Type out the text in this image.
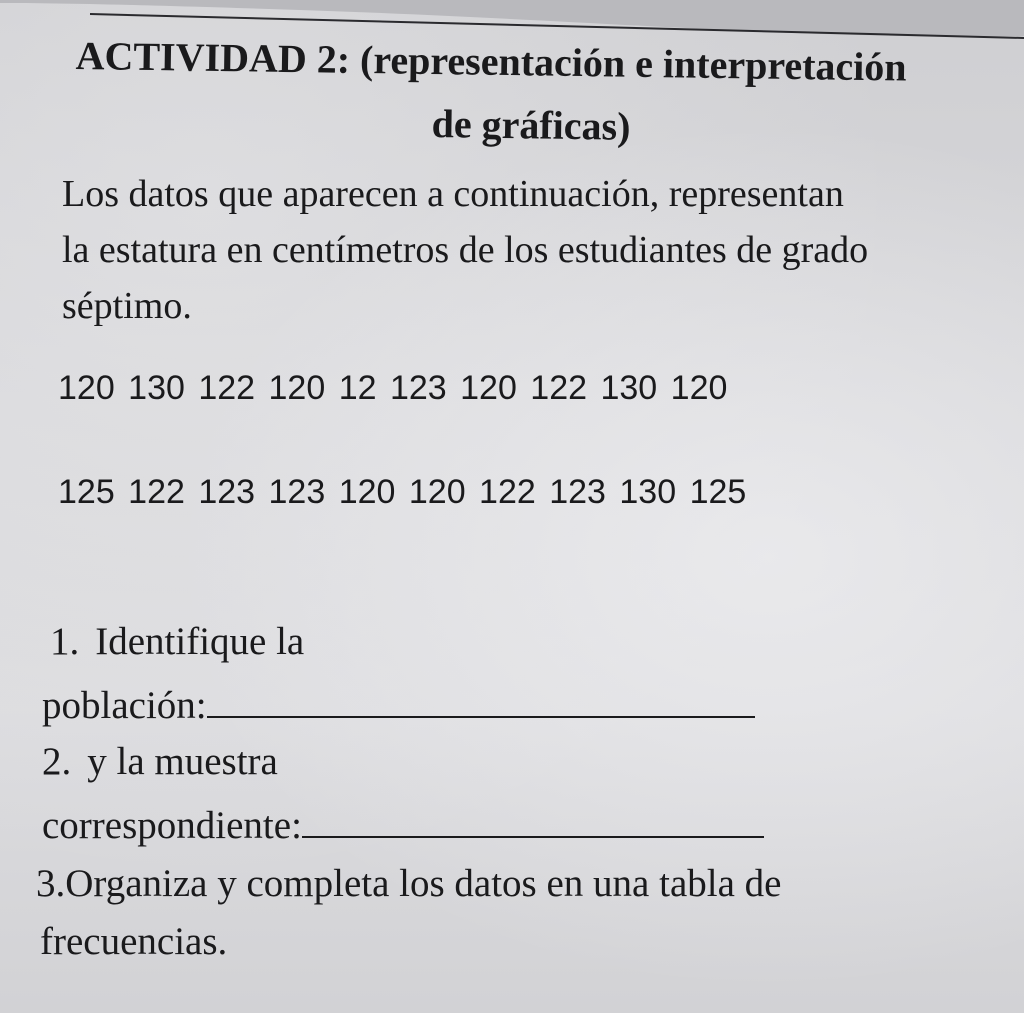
ACTIVIDAD 2: (representación e interpretación
de gráficas)
Los datos que aparecen a continuación, representan
la estatura en centímetros de los estudiantes de grado
séptimo.
120 130 122 120 12 123 120 122 130 120
125 122 123 123 120 120 122 123 130 125
1. Identifique la
población:
2. y la muestra
correspondiente:
3.Organiza y completa los datos en una tabla de
frecuencias.
